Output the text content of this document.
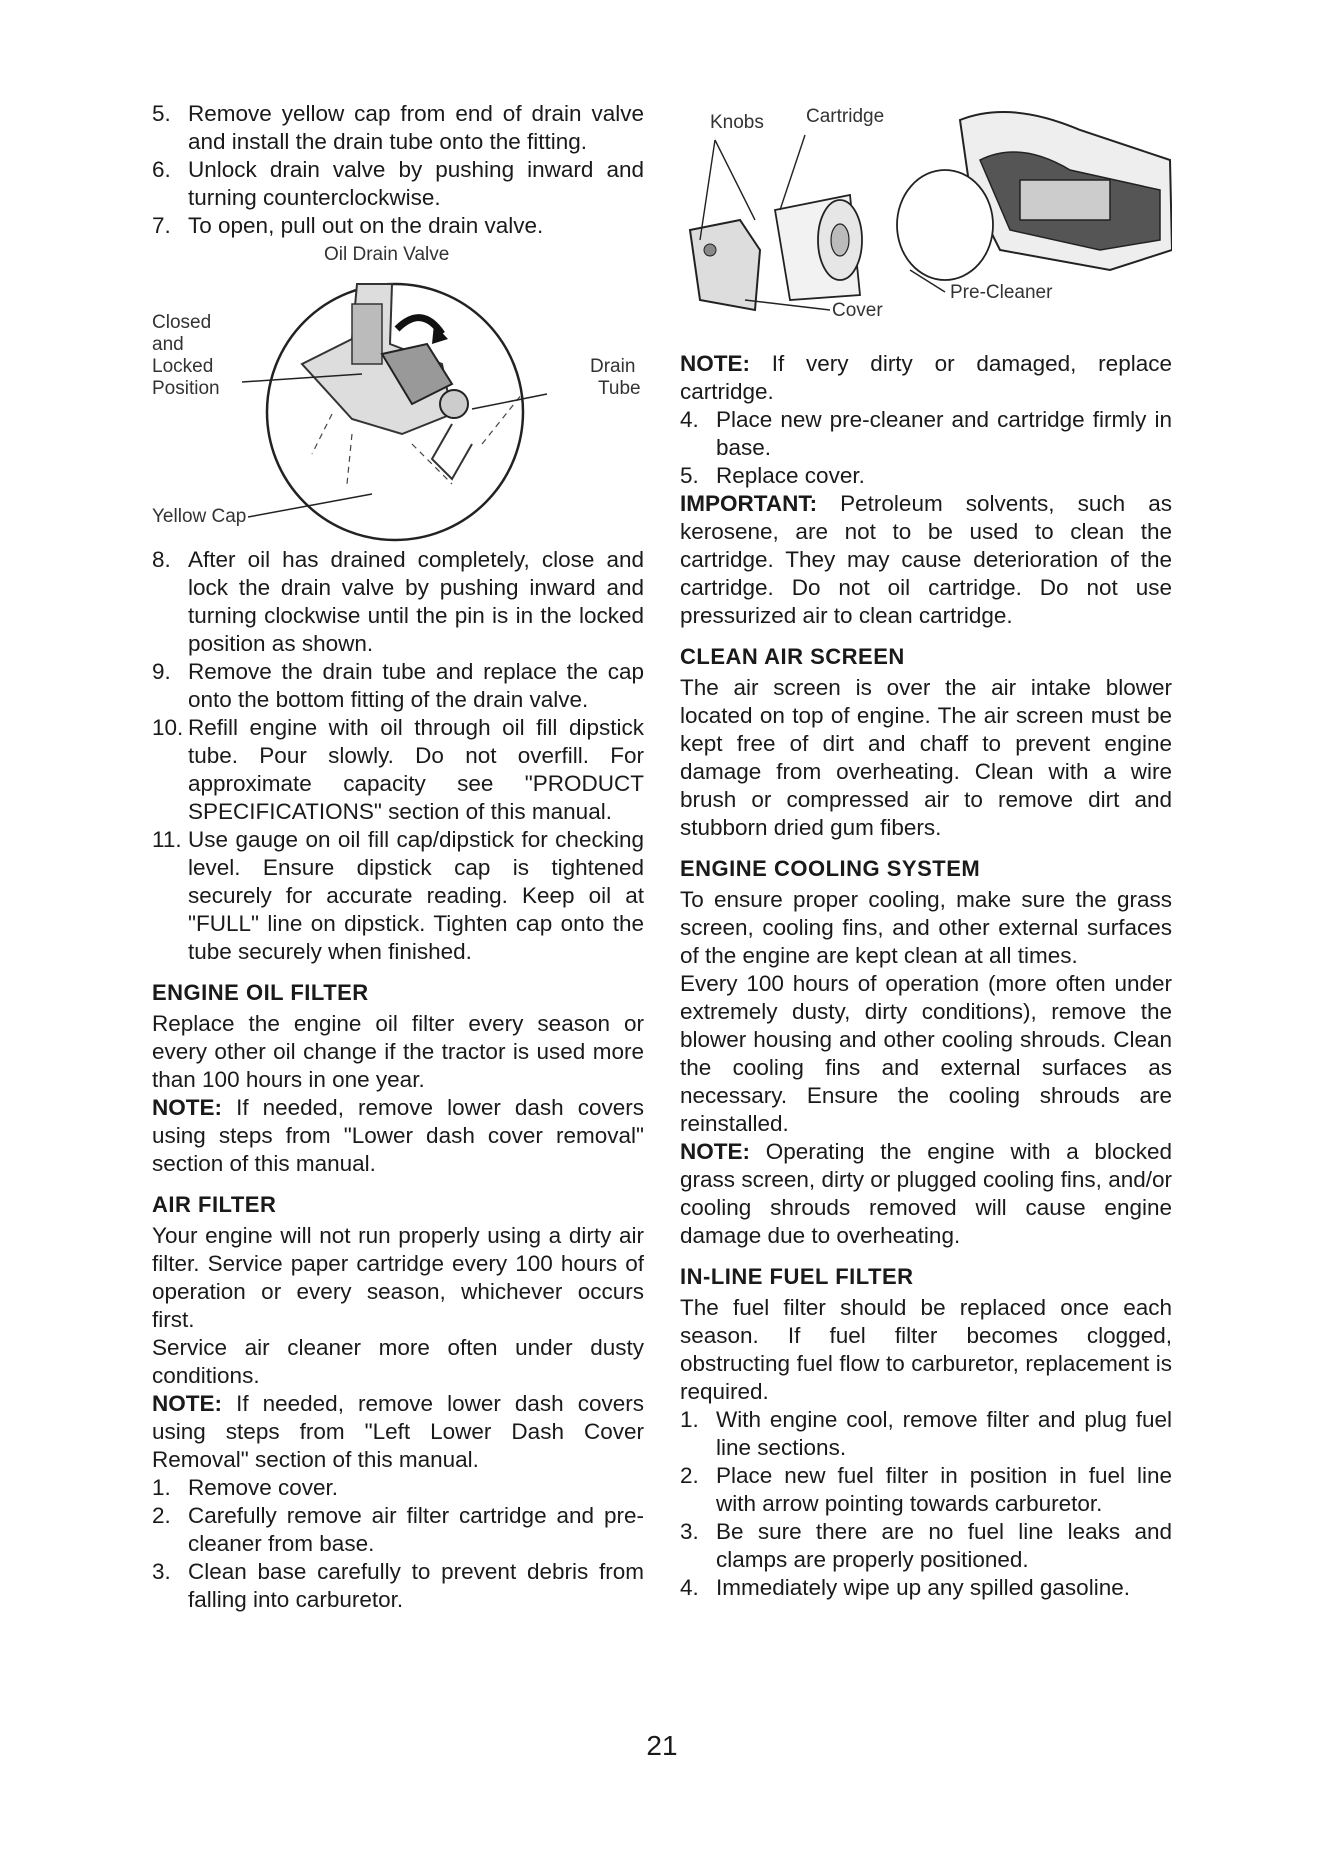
5. Remove yellow cap from end of drain valve and install the drain tube onto the fitting.
6. Unlock drain valve by pushing inward and turning counterclockwise.
7. To open, pull out on the drain valve.
Oil Drain Valve
Closed
and
Locked
Position
Drain
Tube
Yellow Cap
8. After oil has drained completely, close and lock the drain valve by pushing inward and turning clockwise until the pin is in the locked position as shown.
9. Remove the drain tube and replace the cap onto the bottom fitting of the drain valve.
10. Refill engine with oil through oil fill dipstick tube. Pour slowly. Do not overfill. For approximate capacity see "PRODUCT SPECIFICATIONS" section of this manual.
11. Use gauge on oil fill cap/dipstick for checking level. Ensure dipstick cap is tightened securely for accurate reading. Keep oil at "FULL" line on dipstick. Tighten cap onto the tube securely when finished.
ENGINE OIL FILTER

Replace the engine oil filter every season or every other oil change if the tractor is used more than 100 hours in one year.

NOTE: If needed, remove lower dash covers using steps from "Lower dash cover removal" section of this manual.

AIR FILTER

Your engine will not run properly using a dirty air filter. Service paper cartridge every 100 hours of operation or every season, whichever occurs first.

Service air cleaner more often under dusty conditions.

NOTE: If needed, remove lower dash covers using steps from "Left Lower Dash Cover Removal" section of this manual.

1. Remove cover.
2. Carefully remove air filter cartridge and pre-cleaner from base.
3. Clean base carefully to prevent debris from falling into carburetor.
Knobs Cartridge
Pre-Cleaner
Cover

NOTE: If very dirty or damaged, replace cartridge.

4. Place new pre-cleaner and cartridge firmly in base.
5. Replace cover.

IMPORTANT: Petroleum solvents, such as kerosene, are not to be used to clean the cartridge. They may cause deterioration of the cartridge. Do not oil cartridge. Do not use pressurized air to clean cartridge.

CLEAN AIR SCREEN

The air screen is over the air intake blower located on top of engine. The air screen must be kept free of dirt and chaff to prevent engine damage from overheating. Clean with a wire brush or compressed air to remove dirt and stubborn dried gum fibers.

ENGINE COOLING SYSTEM

To ensure proper cooling, make sure the grass screen, cooling fins, and other external surfaces of the engine are kept clean at all times.

Every 100 hours of operation (more often under extremely dusty, dirty conditions), remove the blower housing and other cooling shrouds. Clean the cooling fins and external surfaces as necessary. Ensure the cooling shrouds are reinstalled.

NOTE: Operating the engine with a blocked grass screen, dirty or plugged cooling fins, and/or cooling shrouds removed will cause engine damage due to overheating.

IN-LINE FUEL FILTER

The fuel filter should be replaced once each season. If fuel filter becomes clogged, obstructing fuel flow to carburetor, replacement is required.

1. With engine cool, remove filter and plug fuel line sections.
2. Place new fuel filter in position in fuel line with arrow pointing towards carburetor.
3. Be sure there are no fuel line leaks and clamps are properly positioned.
4. Immediately wipe up any spilled gasoline.
21
